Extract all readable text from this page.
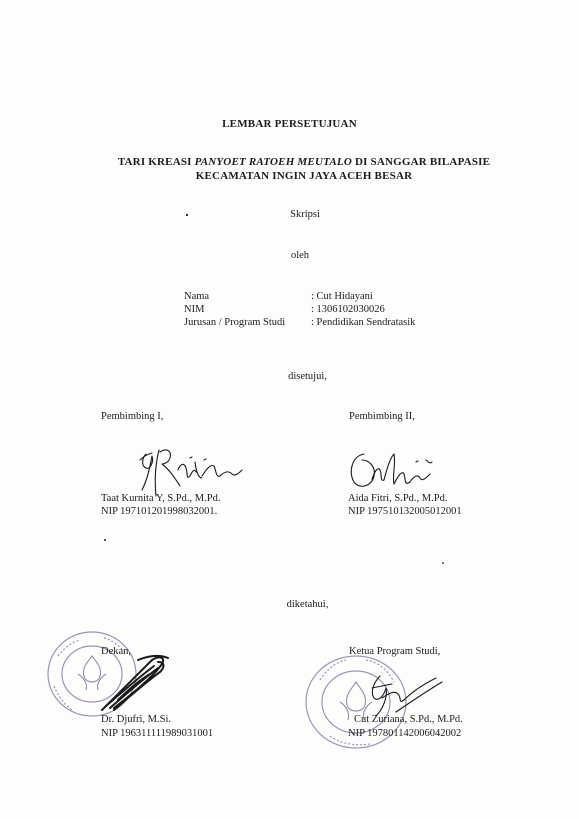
LEMBAR PERSETUJUAN
TARI KREASI PANYOET RATOEH MEUTALO DI SANGGAR BILAPASIE
KECAMATAN INGIN JAYA ACEH BESAR
Skripsi
oleh
Nama	: Cut Hidayani
NIM	: 1306102030026
Jurusan / Program Studi : Pendidikan Sendratasik
disetujui,
Pembimbing I,	Pembimbing II,
Taat Kurnita Y, S.Pd., M.Pd.
NIP 197101201998032001.
Aida Fitri, S.Pd., M.Pd.
NIP 197510132005012001
diketahui,
Dekan,	Ketua Program Studi,
Dr. Djufri, M.Si.
NIP 196311111989031001
Cut Zuriana, S.Pd., M.Pd.
NIP 197801142006042002
